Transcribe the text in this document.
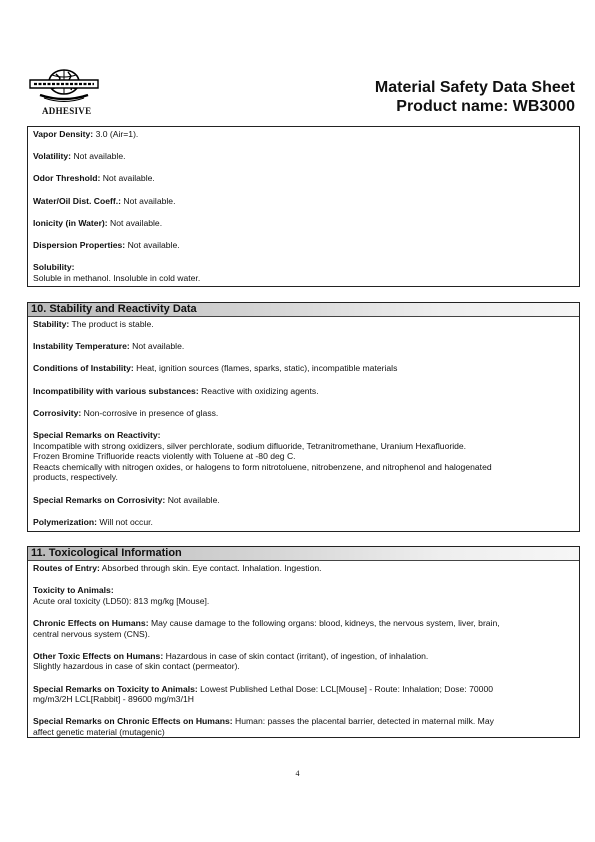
ADHESIVE
Material Safety Data Sheet
Product name: WB3000
Vapor Density: 3.0 (Air=1).
Volatility: Not available.
Odor Threshold: Not available.
Water/Oil Dist. Coeff.: Not available.
Ionicity (in Water): Not available.
Dispersion Properties: Not available.
Solubility:
Soluble in methanol. Insoluble in cold water.
10. Stability and Reactivity Data
Stability: The product is stable.
Instability Temperature: Not available.
Conditions of Instability: Heat, ignition sources (flames, sparks, static), incompatible materials
Incompatibility with various substances: Reactive with oxidizing agents.
Corrosivity: Non-corrosive in presence of glass.
Special Remarks on Reactivity:
Incompatible with strong oxidizers, silver perchlorate, sodium difluoride, Tetranitromethane, Uranium Hexafluoride.
Frozen Bromine Trifluoride reacts violently with Toluene at -80 deg C.
Reacts chemically with nitrogen oxides, or halogens to form nitrotoluene, nitrobenzene, and nitrophenol and halogenated
products, respectively.
Special Remarks on Corrosivity: Not available.
Polymerization: Will not occur.
11. Toxicological Information
Routes of Entry: Absorbed through skin. Eye contact. Inhalation. Ingestion.
Toxicity to Animals:
Acute oral toxicity (LD50): 813 mg/kg [Mouse].
Chronic Effects on Humans: May cause damage to the following organs: blood, kidneys, the nervous system, liver, brain,
central nervous system (CNS).
Other Toxic Effects on Humans: Hazardous in case of skin contact (irritant), of ingestion, of inhalation.
Slightly hazardous in case of skin contact (permeator).
Special Remarks on Toxicity to Animals: Lowest Published Lethal Dose: LCL[Mouse] - Route: Inhalation; Dose: 70000
mg/m3/2H LCL[Rabbit] - 89600 mg/m3/1H
Special Remarks on Chronic Effects on Humans: Human: passes the placental barrier, detected in maternal milk. May
affect genetic material (mutagenic)
4
